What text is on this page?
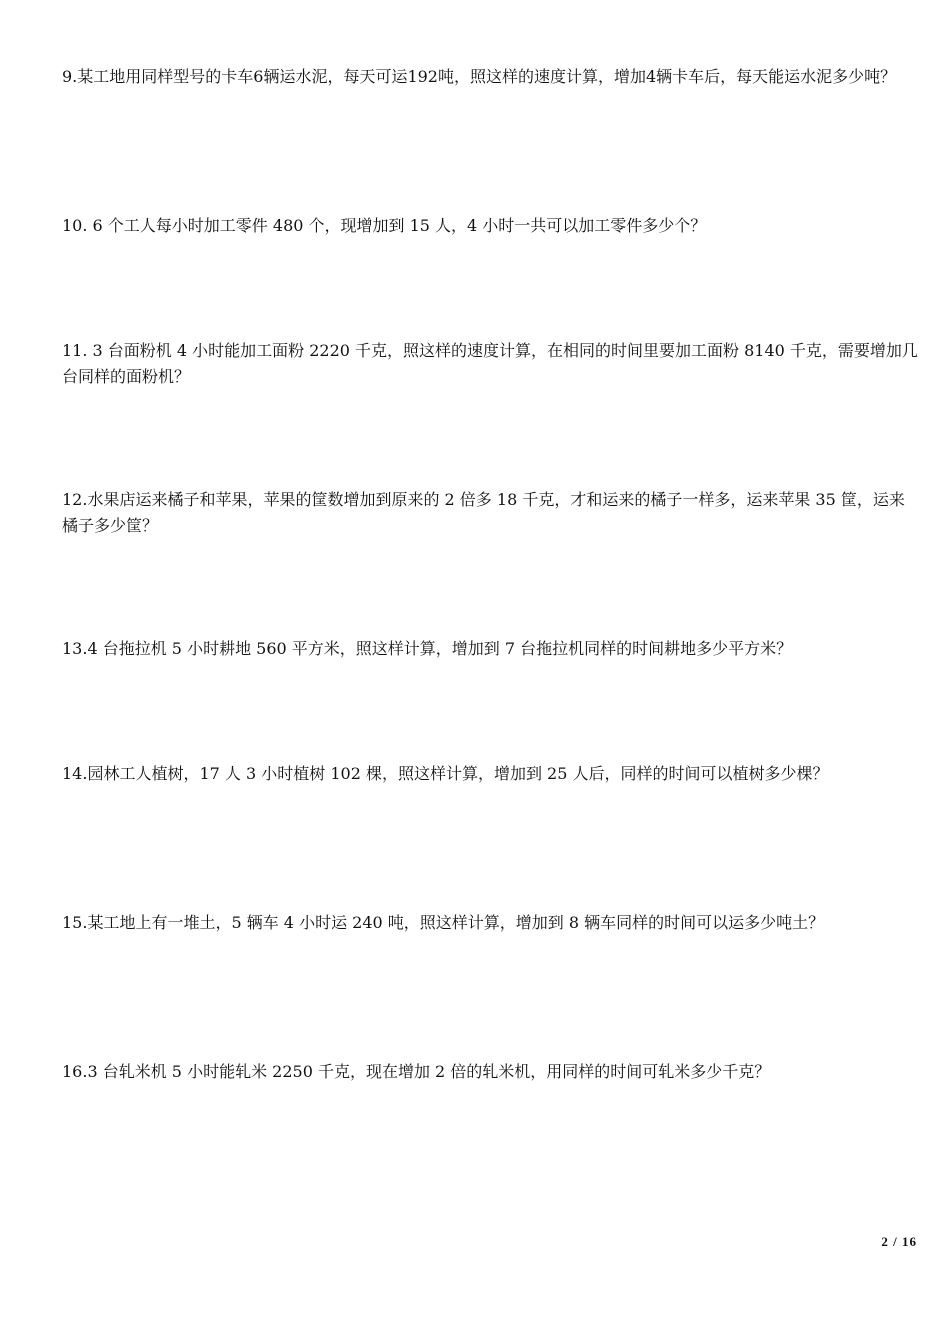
9.某工地用同样型号的卡车6辆运水泥，每天可运192吨，照这样的速度计算，增加4辆卡车后，每天能运水泥多少吨？

10. 6 个工人每小时加工零件 480 个，现增加到 15 人，4 小时一共可以加工零件多少个？

11. 3 台面粉机 4 小时能加工面粉 2220 千克，照这样的速度计算，在相同的时间里要加工面粉 8140 千克，需要增加几台同样的面粉机？

12.水果店运来橘子和苹果，苹果的筐数增加到原来的 2 倍多 18 千克，才和运来的橘子一样多，运来苹果 35 筐，运来橘子多少筐？

13.4 台拖拉机 5 小时耕地 560 平方米，照这样计算，增加到 7 台拖拉机同样的时间耕地多少平方米？

14.园林工人植树，17 人 3 小时植树 102 棵，照这样计算，增加到 25 人后，同样的时间可以植树多少棵？

15.某工地上有一堆土，5 辆车 4 小时运 240 吨，照这样计算，增加到 8 辆车同样的时间可以运多少吨土？

16.3 台轧米机 5 小时能轧米 2250 千克，现在增加 2 倍的轧米机，用同样的时间可轧米多少千克？

2 / 16
